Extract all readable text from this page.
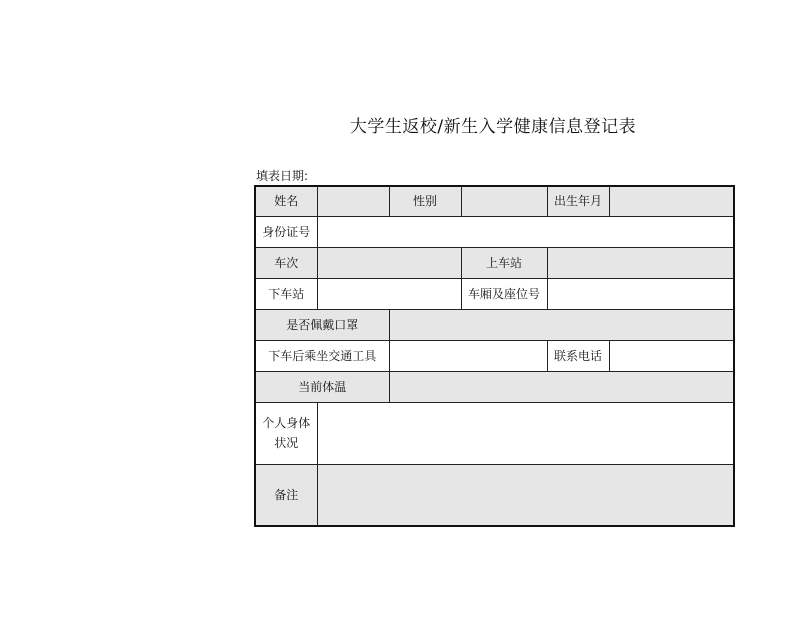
大学生返校/新生入学健康信息登记表
填表日期:
姓名		性别		出生年月	
身份证号					
车次			上车站		
下车站			车厢及座位号		
是否佩戴口罩					
下车后乘坐交通工具				联系电话	
当前体温					

个人身体
状况					

备注					
